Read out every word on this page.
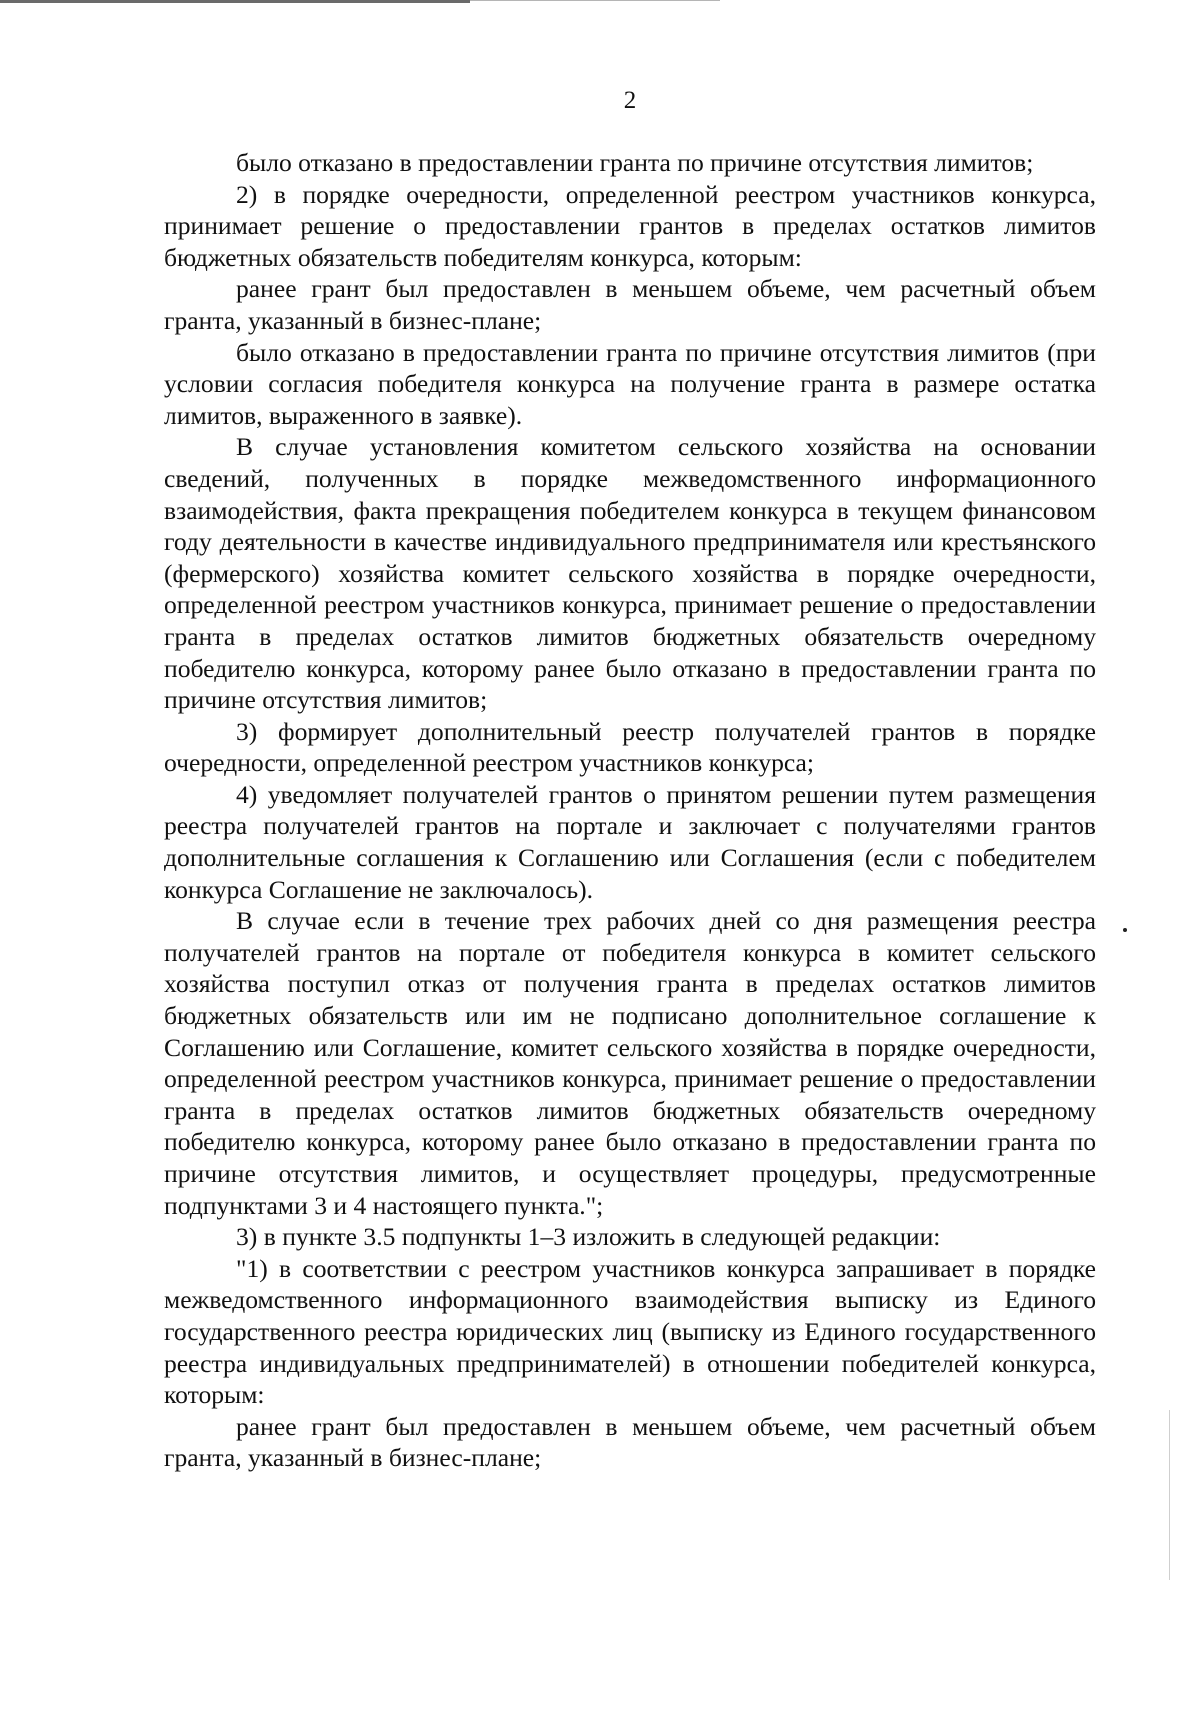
2

было отказано в предоставлении гранта по причине отсутствия лимитов;

2) в порядке очередности, определенной реестром участников конкурса, принимает решение о предоставлении грантов в пределах остатков лимитов бюджетных обязательств победителям конкурса, которым:

ранее грант был предоставлен в меньшем объеме, чем расчетный объем гранта, указанный в бизнес-плане;

было отказано в предоставлении гранта по причине отсутствия лимитов (при условии согласия победителя конкурса на получение гранта в размере остатка лимитов, выраженного в заявке).

В случае установления комитетом сельского хозяйства на основании сведений, полученных в порядке межведомственного информационного взаимодействия, факта прекращения победителем конкурса в текущем финансовом году деятельности в качестве индивидуального предпринимателя или крестьянского (фермерского) хозяйства комитет сельского хозяйства в порядке очередности, определенной реестром участников конкурса, принимает решение о предоставлении гранта в пределах остатков лимитов бюджетных обязательств очередному победителю конкурса, которому ранее было отказано в предоставлении гранта по причине отсутствия лимитов;

3) формирует дополнительный реестр получателей грантов в порядке очередности, определенной реестром участников конкурса;

4) уведомляет получателей грантов о принятом решении путем размещения реестра получателей грантов на портале и заключает с получателями грантов дополнительные соглашения к Соглашению или Соглашения (если с победителем конкурса Соглашение не заключалось).

В случае если в течение трех рабочих дней со дня размещения реестра получателей грантов на портале от победителя конкурса в комитет сельского хозяйства поступил отказ от получения гранта в пределах остатков лимитов бюджетных обязательств или им не подписано дополнительное соглашение к Соглашению или Соглашение, комитет сельского хозяйства в порядке очередности, определенной реестром участников конкурса, принимает решение о предоставлении гранта в пределах остатков лимитов бюджетных обязательств очередному победителю конкурса, которому ранее было отказано в предоставлении гранта по причине отсутствия лимитов, и осуществляет процедуры, предусмотренные подпунктами 3 и 4 настоящего пункта.";

3) в пункте 3.5 подпункты 1–3 изложить в следующей редакции:

"1) в соответствии с реестром участников конкурса запрашивает в порядке межведомственного информационного взаимодействия выписку из Единого государственного реестра юридических лиц (выписку из Единого государственного реестра индивидуальных предпринимателей) в отношении победителей конкурса, которым:

ранее грант был предоставлен в меньшем объеме, чем расчетный объем гранта, указанный в бизнес-плане;
